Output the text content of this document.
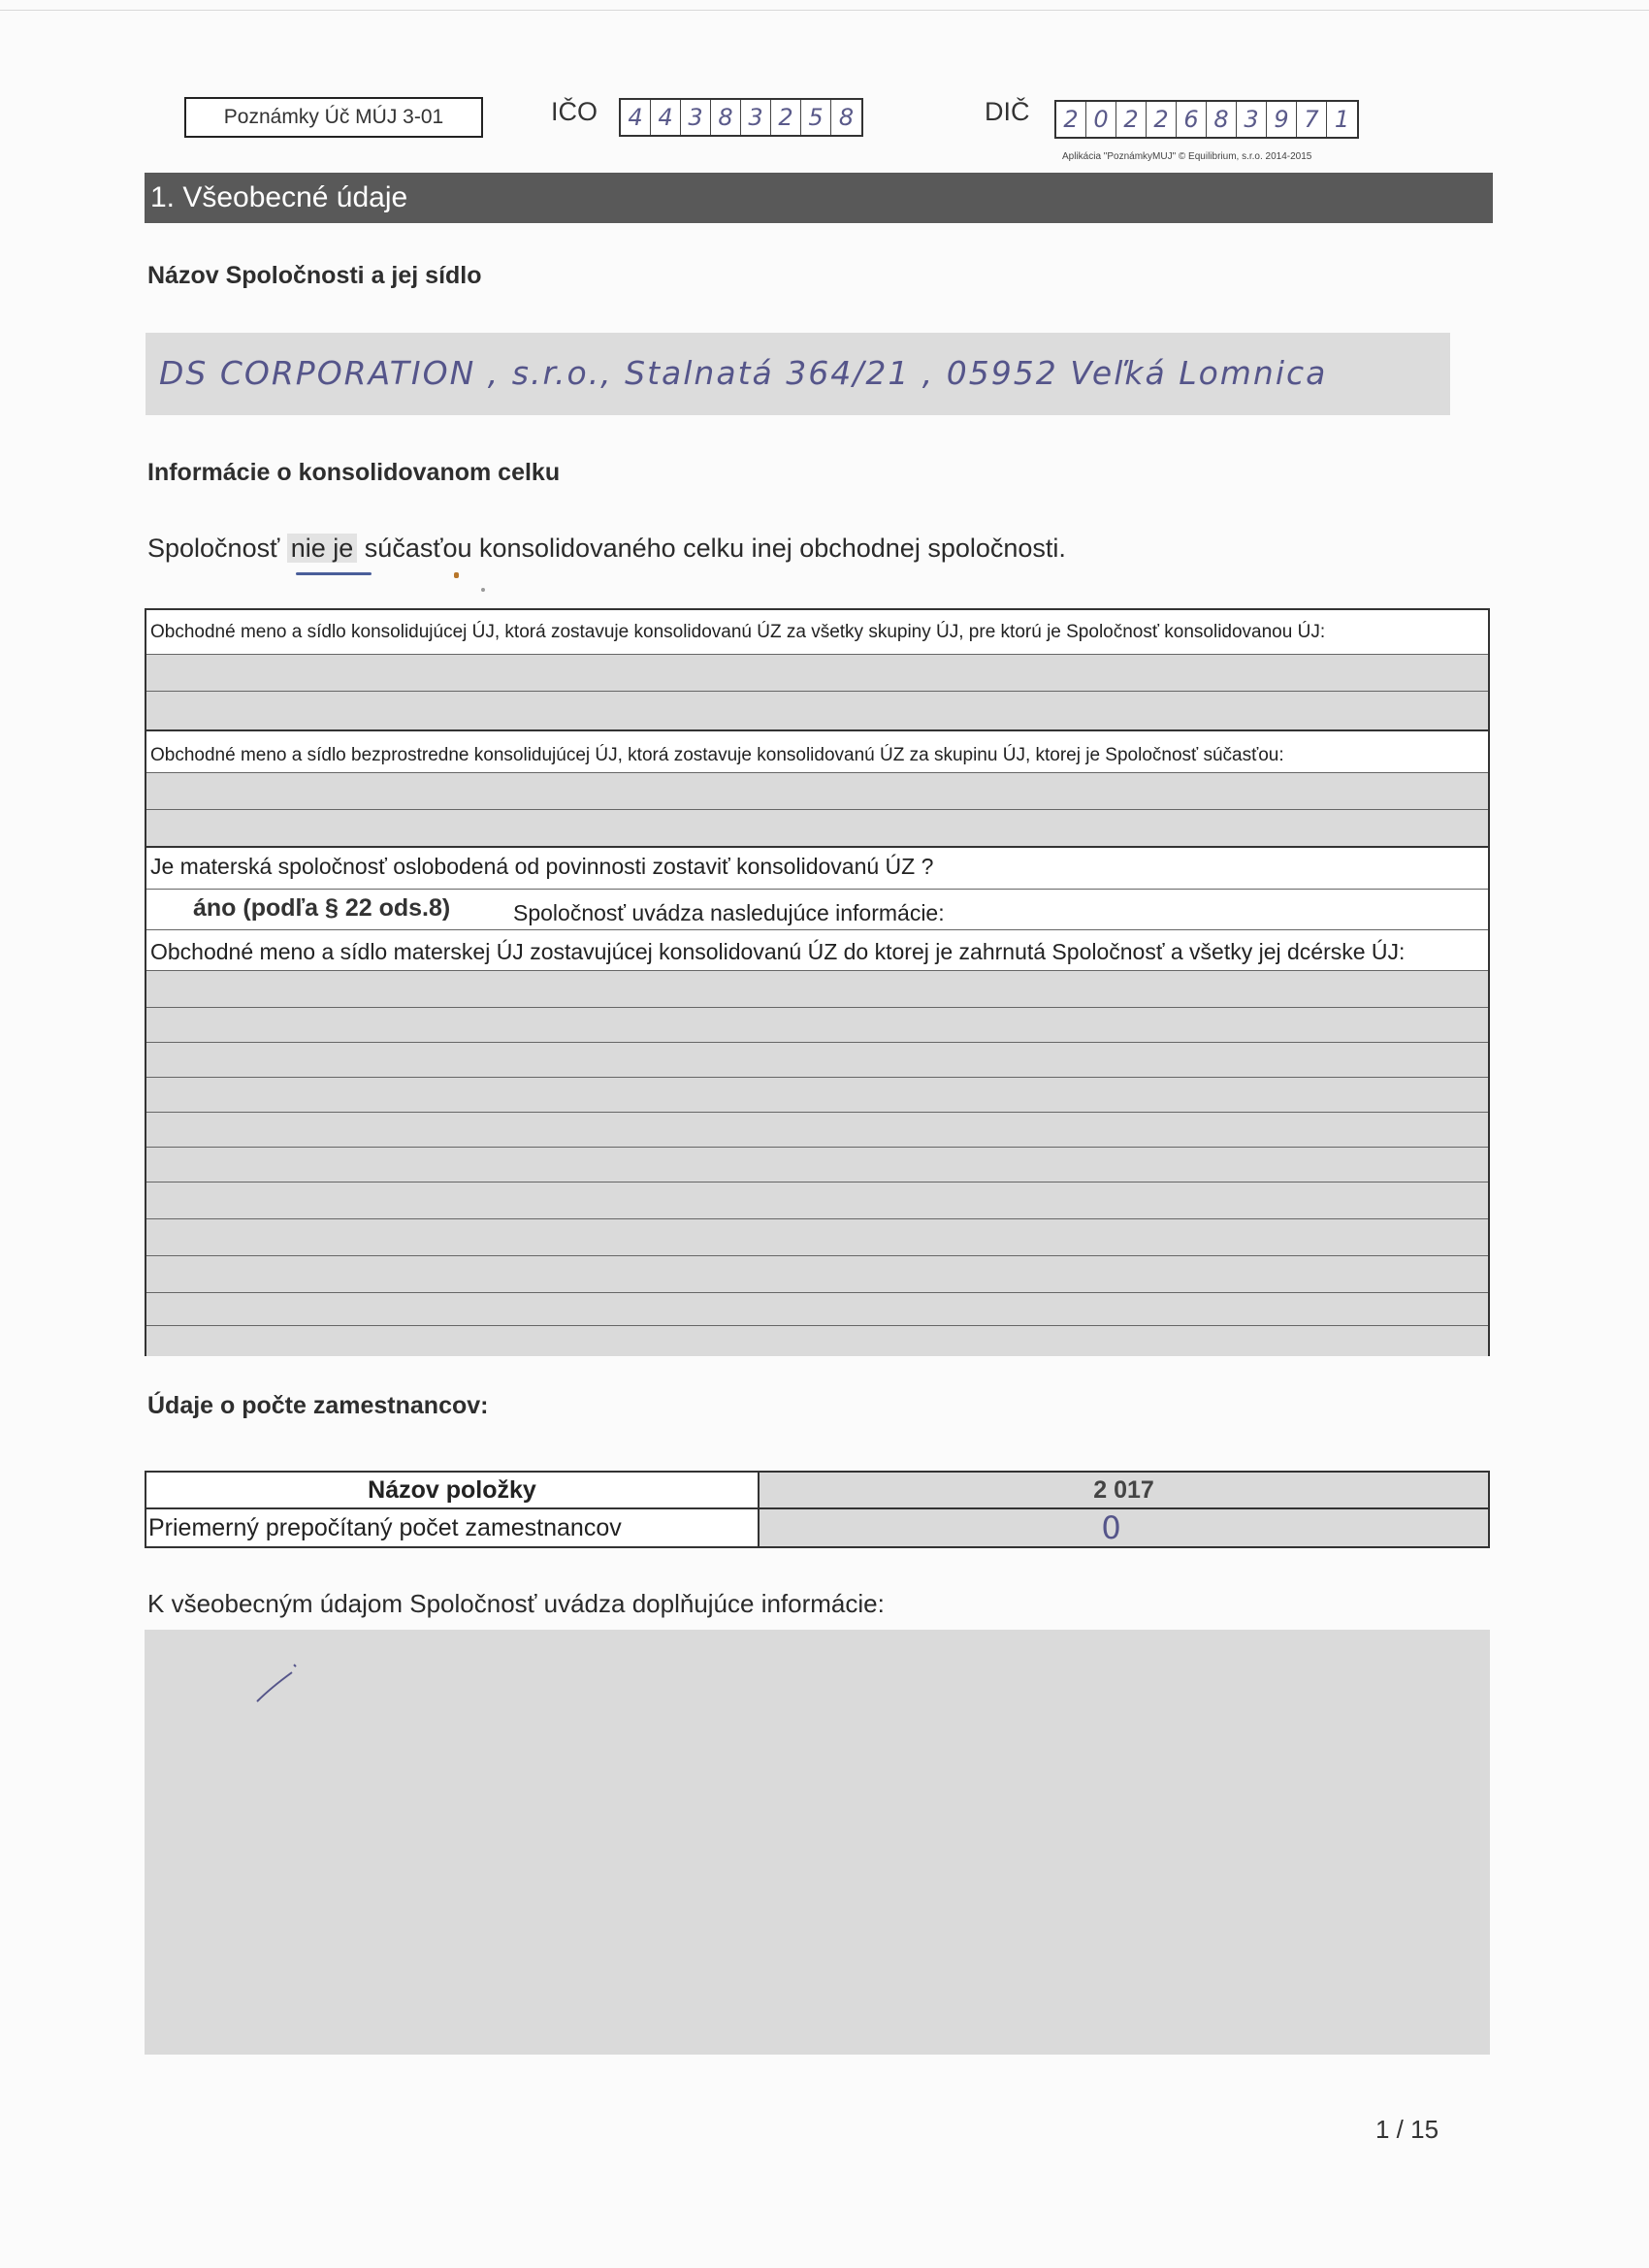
Poznámky Úč MÚJ 3-01	IČO	4 4 3 8 3 2 5 8	DIČ	2 0 2 2 6 8 3 9 7 1
Aplikácia "PoznámkyMUJ" © Equilibrium, s.r.o. 2014-2015
1. Všeobecné údaje
Názov Spoločnosti a jej sídlo
DS CORPORATION , s.r.o., Stalnatá 364/21 , 05952 Veľká Lomnica
Informácie o konsolidovanom celku
Spoločnosť nie je súčasťou konsolidovaného celku inej obchodnej spoločnosti.
Obchodné meno a sídlo konsolidujúcej ÚJ, ktorá zostavuje konsolidovanú ÚZ za všetky skupiny ÚJ, pre ktorú je Spoločnosť konsolidovanou ÚJ:
Obchodné meno a sídlo bezprostredne konsolidujúcej ÚJ, ktorá zostavuje konsolidovanú ÚZ za skupinu ÚJ, ktorej je Spoločnosť súčasťou:
Je materská spoločnosť oslobodená od povinnosti zostaviť konsolidovanú ÚZ ?
áno (podľa § 22 ods.8)	Spoločnosť uvádza nasledujúce informácie:
Obchodné meno a sídlo materskej ÚJ zostavujúcej konsolidovanú ÚZ do ktorej je zahrnutá Spoločnosť a všetky jej dcérske ÚJ:
Údaje o počte zamestnancov:
Názov položky	2 017
Priemerný prepočítaný počet zamestnancov	0
K všeobecným údajom Spoločnosť uvádza doplňujúce informácie:
1 / 15
